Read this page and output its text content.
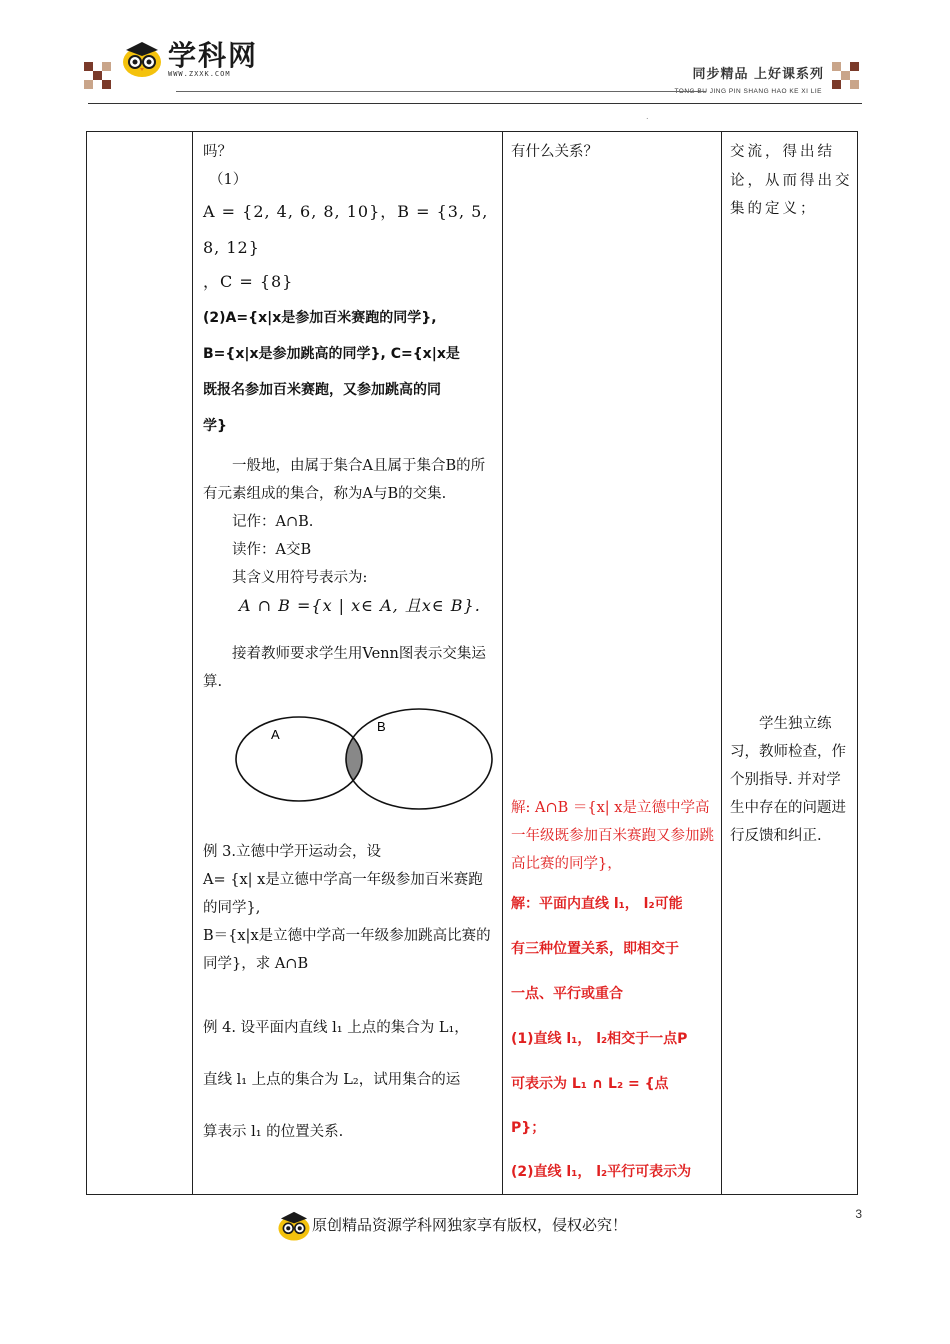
学科网
WWW.ZXXK.COM	同步精品 上好课系列
TONG BU JING PIN SHANG HAO KE XI LIE
.
吗？
（1）
A = {2, 4, 6, 8, 10}，B = {3, 5, 8, 12}
，C = {8}
(2)A={x|x是参加百米赛跑的同学},
B={x|x是参加跳高的同学}, C={x|x是
既报名参加百米赛跑，又参加跳高的同
学}
一般地，由属于集合A且属于集合B的所有元素组成的集合，称为A与B的交集.
记作：A∩B.
读作：A交B
其含义用符号表示为:
A ∩ B ={x | x∈ A, 且x∈ B}.
接着教师要求学生用Venn图表示交集运算.
A
B
例 3.立德中学开运动会，设
A= {x| x是立德中学高一年级参加百米赛跑的同学},
B＝{x|x是立德中学高一年级参加跳高比赛的同学}，求 A∩B
例 4. 设平面内直线 l₁ 上点的集合为 L₁，
直线 l₁ 上点的集合为 L₂，试用集合的运
算表示 l₁ 的位置关系.
有什么关系？
解: A∩B ＝{x| x是立德中学高一年级既参加百米赛跑又参加跳高比赛的同学}，
解：平面内直线 l₁， l₂可能
有三种位置关系，即相交于
一点、平行或重合
(1)直线 l₁， l₂相交于一点P
可表示为 L₁ ∩ L₂ = {点
P}；
(2)直线 l₁， l₂平行可表示为
交流，得出结论，从而得出交集的定义；
学生独立练习，教师检查，作个别指导. 并对学生中存在的问题进行反馈和纠正.
原创精品资源学科网独家享有版权，侵权必究！
3
